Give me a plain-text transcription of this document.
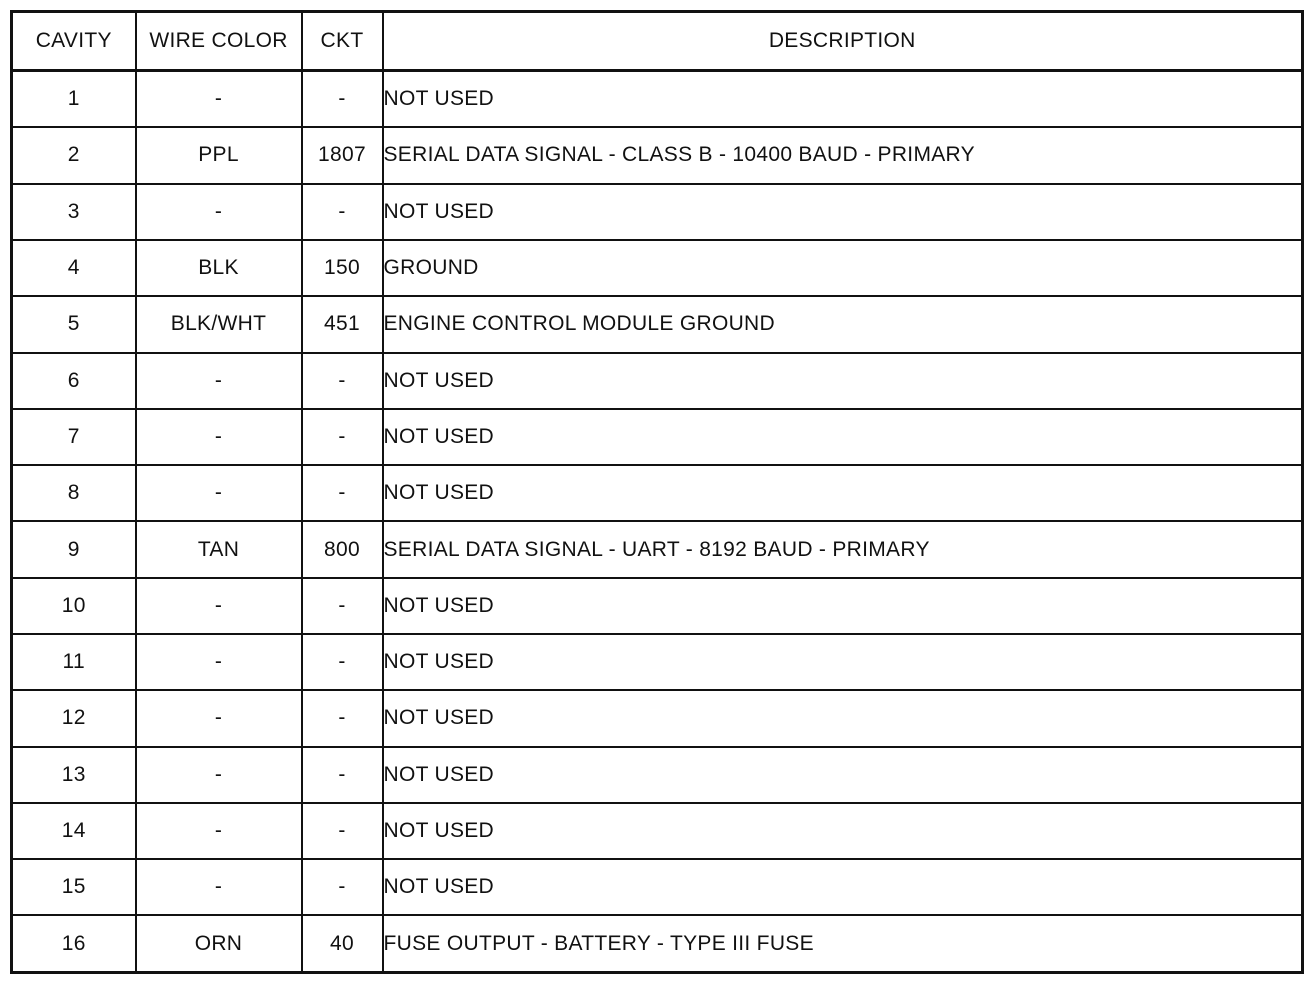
CAVITY	WIRE COLOR	CKT	DESCRIPTION
1	-	-	NOT USED
2	PPL	1807	SERIAL DATA SIGNAL - CLASS B - 10400 BAUD - PRIMARY
3	-	-	NOT USED
4	BLK	150	GROUND
5	BLK/WHT	451	ENGINE CONTROL MODULE GROUND
6	-	-	NOT USED
7	-	-	NOT USED
8	-	-	NOT USED
9	TAN	800	SERIAL DATA SIGNAL - UART - 8192 BAUD - PRIMARY
10	-	-	NOT USED
11	-	-	NOT USED
12	-	-	NOT USED
13	-	-	NOT USED
14	-	-	NOT USED
15	-	-	NOT USED
16	ORN	40	FUSE OUTPUT - BATTERY - TYPE III FUSE
